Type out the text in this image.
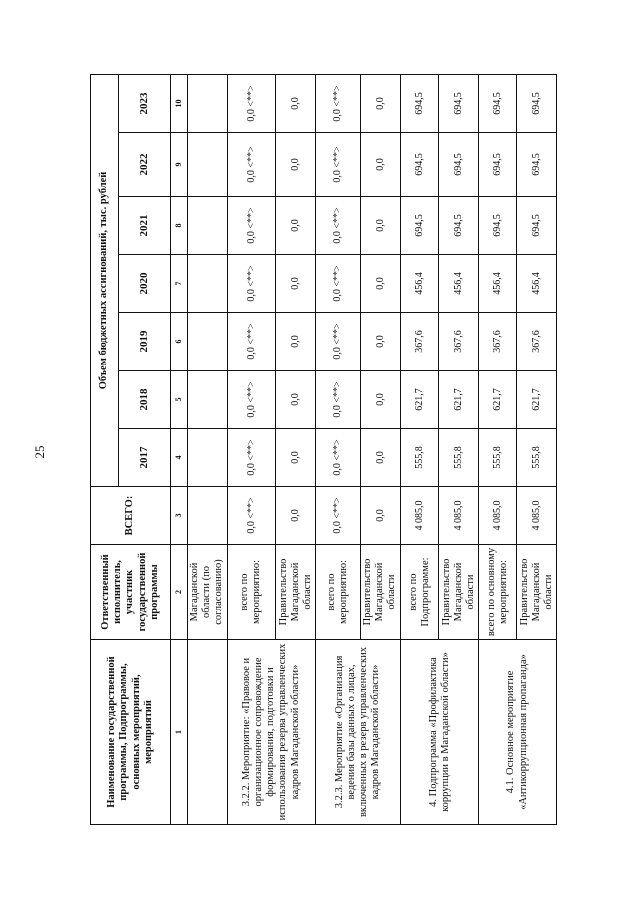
25
Наименование государственной программы, Подпрограммы, основных мероприятий, мероприятий	Ответственный исполнитель, участник государственной программы	ВСЕГО:	Объем бюджетных ассигнований, тыс. рублей						
			2017	2018	2019	2020	2021	2022	2023
1	2	3	4	5	6	7	8	9	10
	Магаданской области (по согласованию)								
3.2.2. Мероприятие: «Правовое и организационное сопровождение формирования, подготовки и использования резерва управленческих кадров Магаданской области»	всего по мероприятию:	0,0 <**>	0,0 <**>	0,0 <**>	0,0 <**>	0,0 <**>	0,0 <**>	0,0 <**>	0,0 <**>
	Правительство Магаданской области	0,0	0,0	0,0	0,0	0,0	0,0	0,0	0,0
3.2.3. Мероприятие «Организация ведения базы данных о лицах, включенных в резерв управленческих кадров Магаданской области»	всего по мероприятию:	0,0 <**>	0,0 <**>	0,0 <**>	0,0 <**>	0,0 <**>	0,0 <**>	0,0 <**>	0,0 <**>
	Правительство Магаданской области	0,0	0,0	0,0	0,0	0,0	0,0	0,0	0,0
4. Подпрограмма «Профилактика коррупции в Магаданской области»	всего по Подпрограмме:	4 085,0	555,8	621,7	367,6	456,4	694,5	694,5	694,5
	Правительство Магаданской области	4 085,0	555,8	621,7	367,6	456,4	694,5	694,5	694,5
4.1. Основное мероприятие «Антикоррупционная пропаганда»	всего по основному мероприятию:	4 085,0	555,8	621,7	367,6	456,4	694,5	694,5	694,5
	Правительство Магаданской области	4 085,0	555,8	621,7	367,6	456,4	694,5	694,5	694,5
